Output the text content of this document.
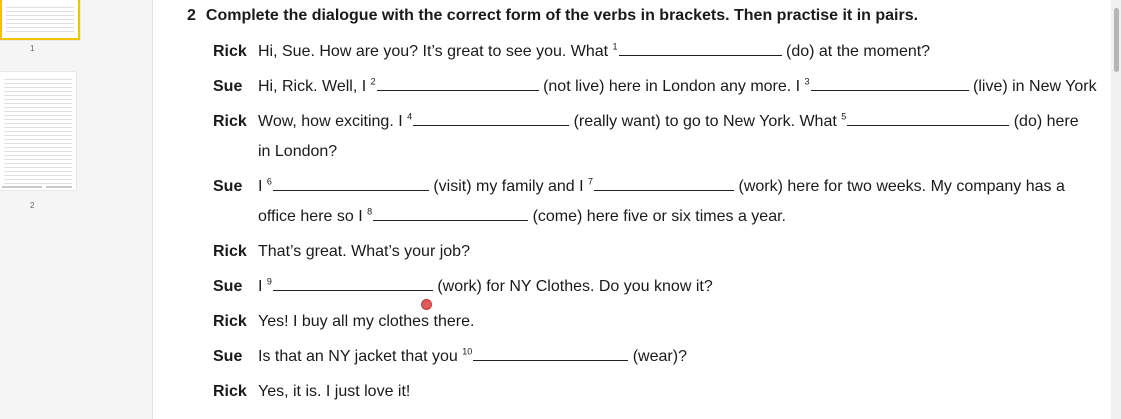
1
2
2 Complete the dialogue with the correct form of the verbs in brackets. Then practise it in pairs.
Rick Hi, Sue. How are you? It’s great to see you. What $^1$	(do) at the moment?
Sue Hi, Rick. Well, I $^2$	(not live) here in London any more. I $^3$	(live) in New York
Rick Wow, how exciting. I $^4$	(really want) to go to New York. What $^5$	(do) here
in London?
Sue I $^6$	(visit) my family and I $^7$	(work) here for two weeks. My company has a
office here so I $^8$	(come) here five or six times a year.
Rick That’s great. What’s your job?
Sue I $^9$	(work) for NY Clothes. Do you know it?
Rick Yes! I buy all my clothes there.
Sue Is that an NY jacket that you $^{10}$	(wear)?
Rick Yes, it is. I just love it!
